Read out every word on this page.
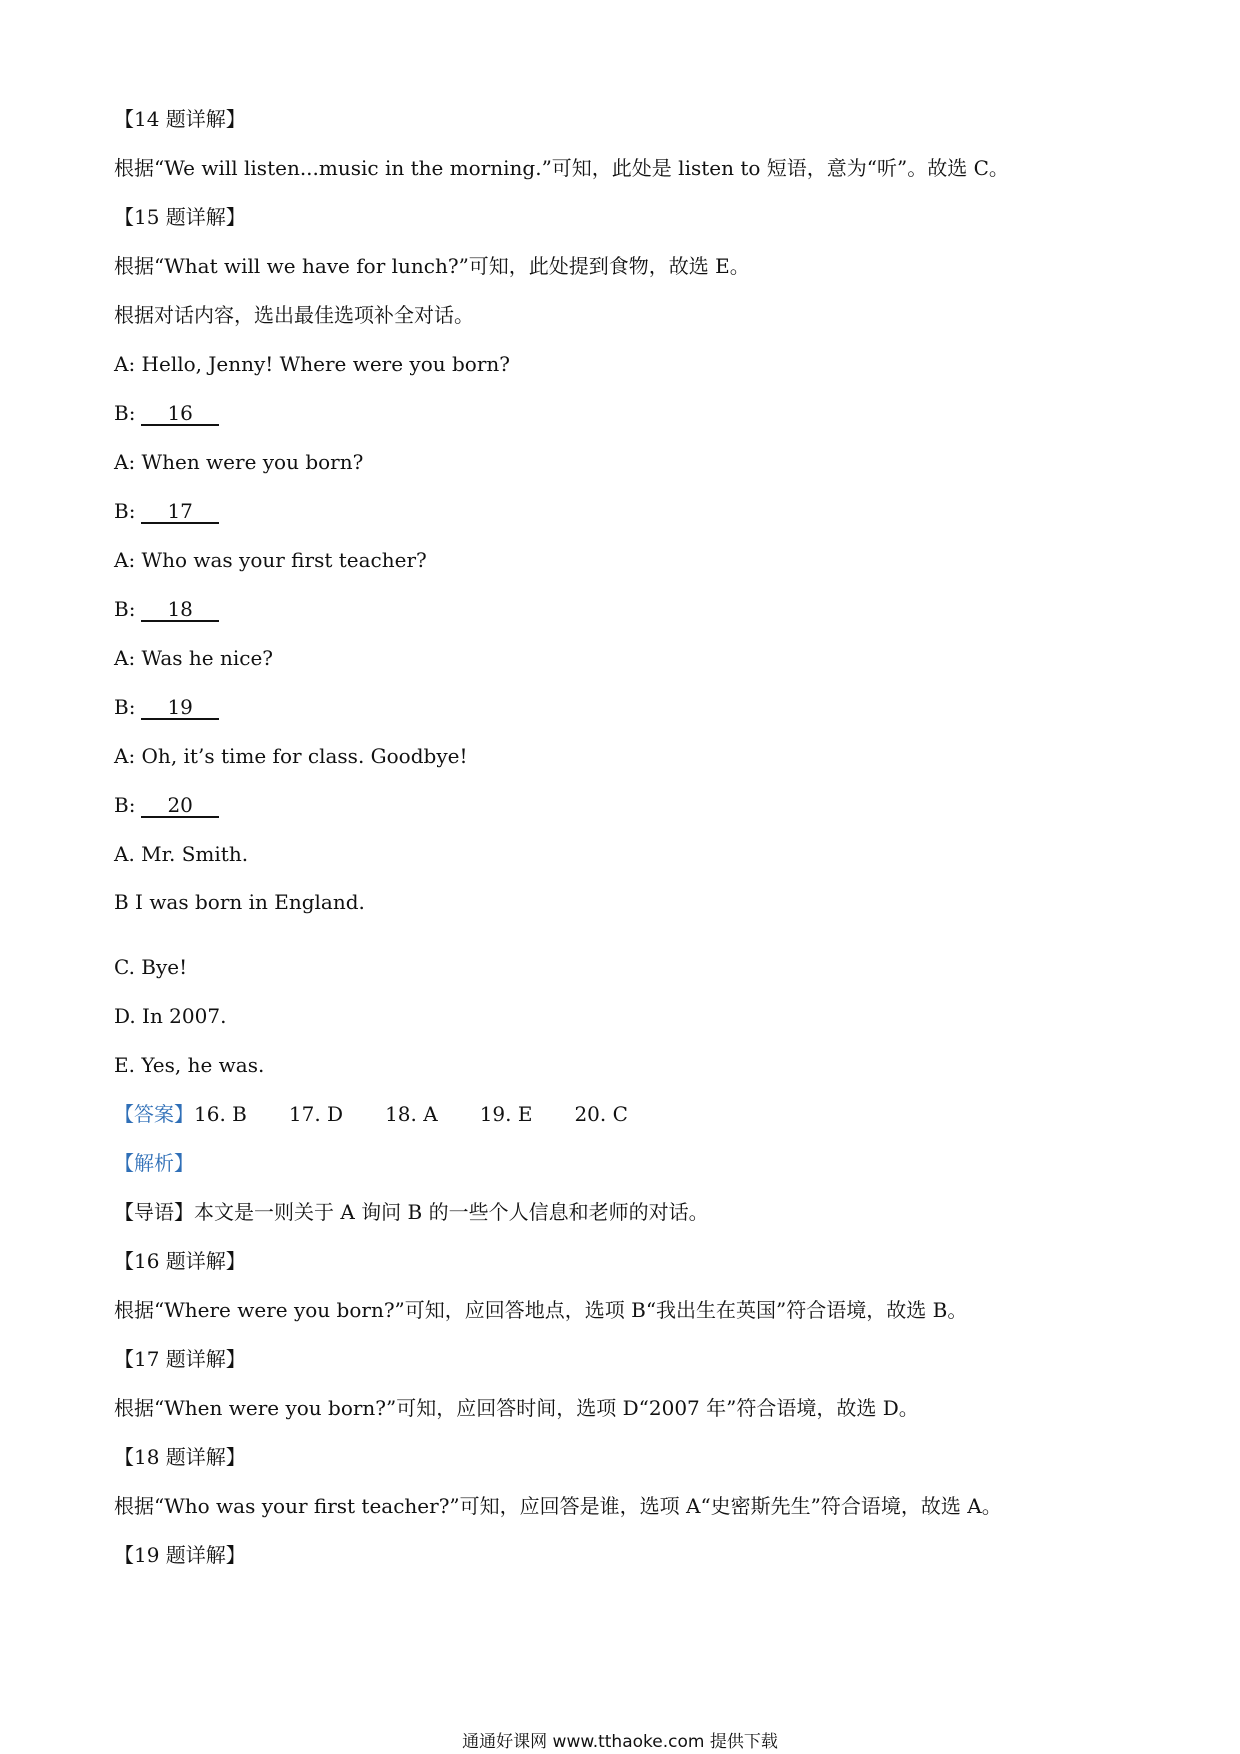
【14 题详解】
根据“We will listen...music in the morning.”可知，此处是 listen to 短语，意为“听”。故选 C。
【15 题详解】
根据“What will we have for lunch?”可知，此处提到食物，故选 E。
根据对话内容，选出最佳选项补全对话。
A: Hello, Jenny! Where were you born?
B: 16
A: When were you born?
B: 17
A: Who was your first teacher?
B: 18
A: Was he nice?
B: 19
A: Oh, it’s time for class. Goodbye!
B: 20
A. Mr. Smith.
B I was born in England.
C. Bye!
D. In 2007.
E. Yes, he was.
【答案】16. B 17. D 18. A 19. E 20. C
【解析】
【导语】本文是一则关于 A 询问 B 的一些个人信息和老师的对话。
【16 题详解】
根据“Where were you born?”可知，应回答地点，选项 B“我出生在英国”符合语境，故选 B。
【17 题详解】
根据“When were you born?”可知，应回答时间，选项 D“2007 年”符合语境，故选 D。
【18 题详解】
根据“Who was your first teacher?”可知，应回答是谁，选项 A“史密斯先生”符合语境，故选 A。
【19 题详解】
通通好课网 www.tthaoke.com 提供下载
